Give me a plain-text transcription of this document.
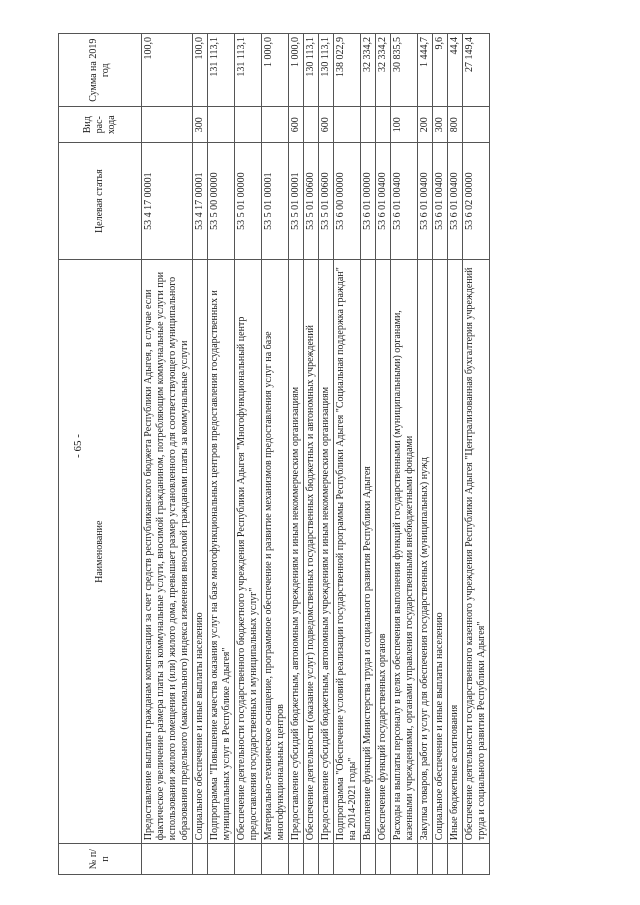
- 65 -
№ п/п	Наименование	Целевая статья	Вид рас-хода	Сумма на 2019 год
	Предоставление выплаты гражданам компенсации за счет средств республиканского бюджета Республики Адыгея, в случае если фактическое увеличение размера платы за коммунальные услуги, вносимой гражданином, потребляющим коммунальные услуги при использовании жилого помещения и (или) жилого дома, превышает размер установленного для соответствующего муниципального образования предельного (максимального) индекса изменения вносимой гражданами платы за коммунальные услуги	53 4 17 00001		100,0
	Социальное обеспечение и иные выплаты населению	53 4 17 00001	300	100,0
	Подпрограмма "Повышение качества оказания услуг на базе многофункциональных центров предоставления государственных и муниципальных услуг в Республике Адыгея"	53 5 00 00000		131 113,1
	Обеспечение деятельности государственного бюджетного учреждения Республики Адыгея "Многофункциональный центр предоставления государственных и муниципальных услуг"	53 5 01 00000		131 113,1
	Материально-техническое оснащение, программное обеспечение и развитие механизмов предоставления услуг на базе многофункциональных центров	53 5 01 00001		1 000,0
	Предоставление субсидий бюджетным, автономным учреждениям и иным некоммерческим организациям	53 5 01 00001	600	1 000,0
	Обеспечение деятельности (оказание услуг) подведомственных государственных бюджетных и автономных учреждений	53 5 01 00600		130 113,1
	Предоставление субсидий бюджетным, автономным учреждениям и иным некоммерческим организациям	53 5 01 00600	600	130 113,1
	Подпрограмма "Обеспечение условий реализации государственной программы Республики Адыгея "Социальная поддержка граждан" на 2014-2021 годы"	53 6 00 00000		138 022,9
	Выполнение функций Министерства труда и социального развития Республики Адыгея	53 6 01 00000		32 334,2
	Обеспечение функций государственных органов	53 6 01 00400		32 334,2
	Расходы на выплаты персоналу в целях обеспечения выполнения функций государственными (муниципальными) органами, казенными учреждениями, органами управления государственными внебюджетными фондами	53 6 01 00400	100	30 835,5
	Закупка товаров, работ и услуг для обеспечения государственных (муниципальных) нужд	53 6 01 00400	200	1 444,7
	Социальное обеспечение и иные выплаты населению	53 6 01 00400	300	9,6
	Иные бюджетные ассигнования	53 6 01 00400	800	44,4
	Обеспечение деятельности государственного казенного учреждения Республики Адыгея "Централизованная бухгалтерия учреждений труда и социального развития Республики Адыгея"	53 6 02 00000		27 149,4
